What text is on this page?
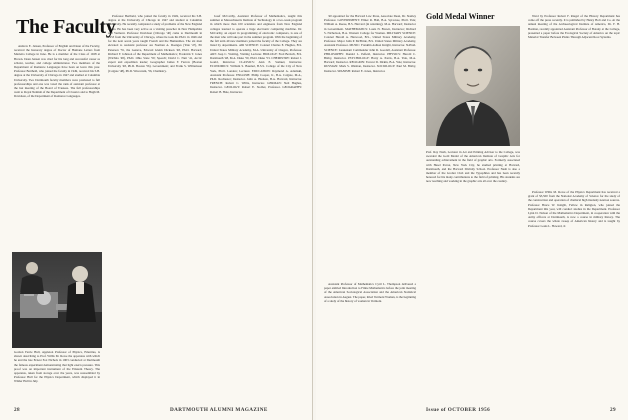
The Faculty

Andrew E. Jensen, Professor of English and Dean of the Faculty, received the honorary degree of Doctor of Humane Letters from Marietta College in June. He is a member of the Class of 1928 at Brown. Dean Jensen was cited for his long and successful career as scholar, teacher, and college administrator. Two members of the Department of Romance Languages have been on leave this year. Professor Bertheld, who joined the faculty in 1949, received his S.B. degree at the University of Chicago in 1947 and studied at Columbia University. Two Dartmouth faculty members were promoted to full professorships and one was voted the rank of assistant professor at the last meeting of the Board of Trustees. The full professorships went to Royal Nemiah of the Department of Classics and to Hugh M. Davidson, of the Department of Romance Languages.

Professor Bertheld, who joined the faculty in 1949, received his S.B. degree at the University of Chicago in 1947 and studied at Columbia University. He recently completed a study of problems of the New England towns. He has been very active as a visiting preacher in New Hampshire and Vermont. Professor Davidson (Chicago '40) came to Dartmouth in 1953 from the University of Chicago, where he took his Ph.D. in 1946 and for the next seven years taught French and the Humanities. The six men elevated to assistant professor are Norman A. Doenges (Yale '47), Pit Peterson '55, the Geneva, Edward Gleim Dickson '48, Ph.D. Harvard; Richard F. Johnson of the Department of Mathematics; Frederick T. Jones (Wichita '48), Ph.D. Ohio State '50; Speech; David C. Nutt '41, Arctic expert and expedition leader; Geographer James F. Farrow (Boston University '48, Ph.D. Boston '56). Government; and Frank S. Williamson (Colgate '48), Ph.D. Wisconsin, '56, Chemistry.

Josef McCarthy, Assistant Professor of Mathematics, taught this summer at Massachusetts Institute of Technology in a two-week program in which more than 100 scientists and engineers from New England colleges learned to operate a huge electronic computing machine. Dr. McCarthy, an expert in programming of electronic computers, is one of the men who will take part in the summer program. With the beginning of the fall term 40 new members joined the faculty of the College. They are listed by departments. AIR SCIENCE: Colonel Charles E. Hughes, B.S. United States Military Academy, M.A. University of Oregon, Professor. ART: Jaap C. Wolting, Visiting Lecturer. BIOLOGY: Fred Bertsch, B.S. Dartmouth '48, M.A. Duke '50, Ph.D. Duke '53. CHEMISTRY: Robert J. Gould, Instructor. CLASSICS: Alan E. Samuel, Instructor. ECONOMICS: William S. Baumol, B.S.S. College of the City of New York, Ph.D. London; Lecturer. EDUCATION: Raymond A. Adamski, Assistant Professor. ENGLISH: Philip Cooper, Jr., B.A. Colgate, M.A., Ph.D. Rochester; Instructor. John A. Hudson, B.A. Harvard, Instructor. FRENCH: Robert C. Willis, Instructor. GERMAN: Neil Hughes, Instructor. GEOLOGY: Robert E. Stoiber, Professor. GEOGRAPHY: Robert B. Hale, Instructor.

Gordon Ferrie Hull, Appleton Professor of Physics, Emeritus, is shown describing to Prof. Willis M. Rowe the apparatus with which he and the late Ernest Fox Nichols in 1903 conducted at Dartmouth the famous experiment demonstrating that light exerts pressure. This proof was an important instrument of the Einstein Theory. The apparatus, taken from storage over the years, was reassembled by Professor Hull for the Physics Department, which displayed it in Wilder Hall in July.
28

'40 appointed for the Harvard Law Press, Associate Dean, Dr. Stanley Professor. GOVERNMENT: Elmer R. Hall, B.A. Syracuse, Ph.D. Yale; William A. Reese, B.S. Harvard (in returning). M.A. Harvard; Instructor in Government. MATHEMATICS: Louis N. Brown, Instructor; Richard S. Nicholson, B.A. Western College for Women. MILITARY SCIENCE: Colonel Harold A. Harwood, B.S., United States Military Academy, Professor. Major John P. McBride, B.S. United States Military Academy, Assistant Professor. MUSIC: Franklin Ashton Knight, Instructor. NAVAL SCIENCE: Lieutenant Commander John R. Goodall, Assistant Professor. PHILOSOPHY: Donald L. Pefield, Instructor. PHYSICS: Harold C. Bixby, Instructor. PSYCHOLOGY: Harry A. Parris, B.A. Yale, M.A. Harvard; Instructor. RELIGION: Forrest D. Dirkin, B.A. Yale; Instructor. RUSSIAN: Mark S. Ohrman, Instructor. SOCIOLOGY: Paul M. Bixby, Instructor. SPANISH: Robert E. Jones, Instructor.

Assistant Professor of Mathematics Cyril L. Thompson delivered a paper entitled Introduction to Finite Mathematics before the joint meeting of the American Sociological Association and the American Statistical Association in August. The paper, titled Vermont Women, is the beginning of a study of the history of women in Vermont.

Gold Medal Winner
Prof. Ray Nash, Lecturer in Art and Printing Adviser to the College, was awarded the Gold Medal of the American Institute of Graphic Arts for outstanding achievement in the field of graphic arts. Formerly associated with Hesel Parrot, New York City, he studied printing at Harvard, Dartmouth, and the Harvard Divinity School. Professor Nash is also a member of the Grolier Club and the Typophiles and has been recently honored for his many contributions to the field of printing. His students are now teaching and working in the graphic arts all over the country.

Ward by Professor Robert F. Riegel of the History Department has come off the press recently. It is published by Henry Holt and Co. At the annual meeting of the Archaeological Institute of America, Dr. F. H. Borman, recently appointed Assistant Professor of Botany at the College, presented a paper before the Ecological Society of America on the topic Material Transfer Between Plants Through Adjacent Root Systems.

Professor Willis M. Rowe of the Physics Department has received a grant of $3,500 from the National Academy of Science for the study of the construction and operation of chemical high intensity neutron sources. Professor Bruce W. Knight, Fellow in Religion, who joined the Department this year, will conduct studies in the Department. Professor Lynn D. Nelson of the Mathematics Department, in cooperation with the Army officers at Dartmouth, is now a course in military history. The course covers the whole sweep of American history and is taught by Professor Louis L. Howard, Jr.

Issue of OCTOBER 1956	29
DARTMOUTH ALUMNI MAGAZINE
